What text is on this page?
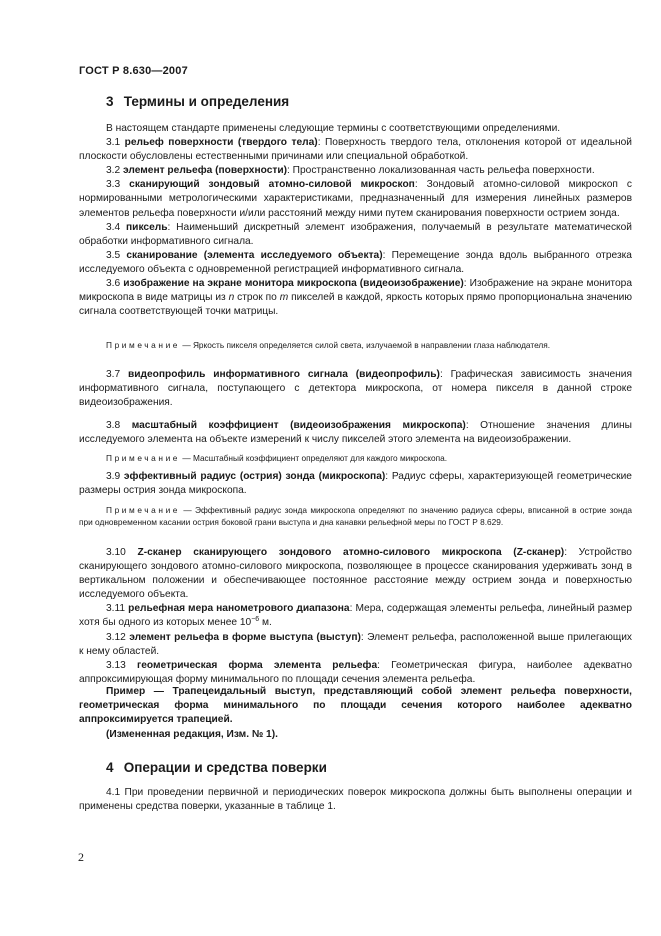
ГОСТ Р 8.630—2007
3 Термины и определения

В настоящем стандарте применены следующие термины с соответствующими определениями.

3.1 рельеф поверхности (твердого тела): Поверхность твердого тела, отклонения которой от идеальной плоскости обусловлены естественными причинами или специальной обработкой.

3.2 элемент рельефа (поверхности): Пространственно локализованная часть рельефа поверхности.

3.3 сканирующий зондовый атомно-силовой микроскоп: Зондовый атомно-силовой микроскоп с нормированными метрологическими характеристиками, предназначенный для измерения линейных размеров элементов рельефа поверхности и/или расстояний между ними путем сканирования поверхности острием зонда.

3.4 пиксель: Наименьший дискретный элемент изображения, получаемый в результате математической обработки информативного сигнала.

3.5 сканирование (элемента исследуемого объекта): Перемещение зонда вдоль выбранного отрезка исследуемого объекта с одновременной регистрацией информативного сигнала.

3.6 изображение на экране монитора микроскопа (видеоизображение): Изображение на экране монитора микроскопа в виде матрицы из n строк по m пикселей в каждой, яркость которых прямо пропорциональна значению сигнала соответствующей точки матрицы.

Примечание — Яркость пикселя определяется силой света, излучаемой в направлении глаза наблюдателя.

3.7 видеопрофиль информативного сигнала (видеопрофиль): Графическая зависимость значения информативного сигнала, поступающего с детектора микроскопа, от номера пикселя в данной строке видеоизображения.

3.8 масштабный коэффициент (видеоизображения микроскопа): Отношение значения длины исследуемого элемента на объекте измерений к числу пикселей этого элемента на видеоизображении.

Примечание — Масштабный коэффициент определяют для каждого микроскопа.

3.9 эффективный радиус (острия) зонда (микроскопа): Радиус сферы, характеризующей геометрические размеры острия зонда микроскопа.

Примечание — Эффективный радиус зонда микроскопа определяют по значению радиуса сферы, вписанной в острие зонда при одновременном касании острия боковой грани выступа и дна канавки рельефной меры по ГОСТ Р 8.629.

3.10 Z-сканер сканирующего зондового атомно-силового микроскопа (Z-сканер): Устройство сканирующего зондового атомно-силового микроскопа, позволяющее в процессе сканирования удерживать зонд в вертикальном положении и обеспечивающее постоянное расстояние между острием зонда и поверхностью исследуемого объекта.

3.11 рельефная мера нанометрового диапазона: Мера, содержащая элементы рельефа, линейный размер хотя бы одного из которых менее $10^{-6}$ м.

3.12 элемент рельефа в форме выступа (выступ): Элемент рельефа, расположенной выше прилегающих к нему областей.

3.13 геометрическая форма элемента рельефа: Геометрическая фигура, наиболее адекватно аппроксимирующая форму минимального по площади сечения элемента рельефа.

Пример — Трапецеидальный выступ, представляющий собой элемент рельефа поверхности, геометрическая форма минимального по площади сечения которого наиболее адекватно аппроксимируется трапецией.

(Измененная редакция, Изм. № 1).

4 Операции и средства поверки

4.1 При проведении первичной и периодических поверок микроскопа должны быть выполнены операции и применены средства поверки, указанные в таблице 1.

2
